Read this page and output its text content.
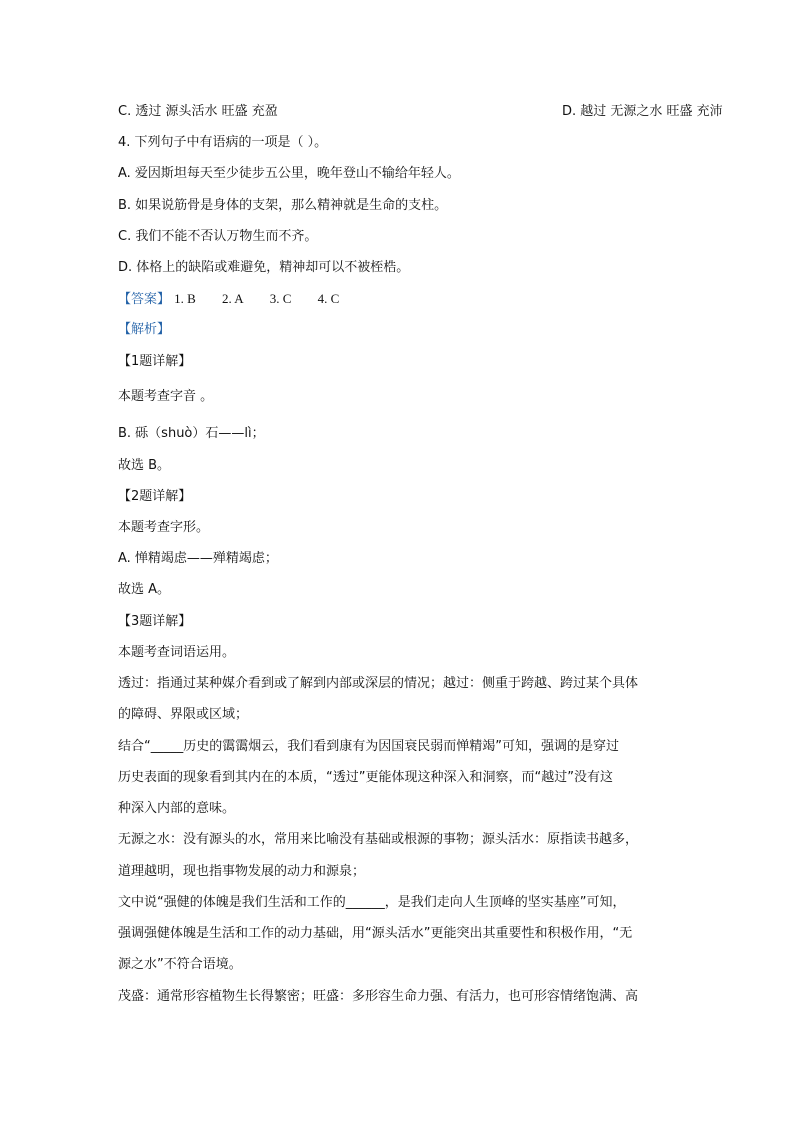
C. 透过 源头活水 旺盛 充盈	D. 越过 无源之水 旺盛 充沛
4. 下列句子中有语病的一项是（ ）。
A. 爱因斯坦每天至少徒步五公里，晚年登山不输给年轻人。
B. 如果说筋骨是身体的支架，那么精神就是生命的支柱。
C. 我们不能不否认万物生而不齐。
D. 体格上的缺陷或难避免，精神却可以不被桎梏。
【答案】 1. B 2. A 3. C 4. C
【解析】
【1题详解】
本题考查字音 。
B. 砾（shuò）石——lì；
故选 B。
【2题详解】
本题考查字形。
A. 惮精竭虑——殚精竭虑；
故选 A。
【3题详解】
本题考查词语运用。
透过：指通过某种媒介看到或了解到内部或深层的情况；越过：侧重于跨越、跨过某个具体
的障碍、界限或区域；
结合“_____历史的霭霭烟云，我们看到康有为因国衰民弱而惮精竭”可知，强调的是穿过
历史表面的现象看到其内在的本质，“透过”更能体现这种深入和洞察，而“越过”没有这
种深入内部的意味。
无源之水：没有源头的水，常用来比喻没有基础或根源的事物；源头活水：原指读书越多，
道理越明，现也指事物发展的动力和源泉；
文中说“强健的体魄是我们生活和工作的______，是我们走向人生顶峰的坚实基座”可知，
强调强健体魄是生活和工作的动力基础，用“源头活水”更能突出其重要性和积极作用，“无
源之水”不符合语境。
茂盛：通常形容植物生长得繁密；旺盛：多形容生命力强、有活力，也可形容情绪饱满、高
